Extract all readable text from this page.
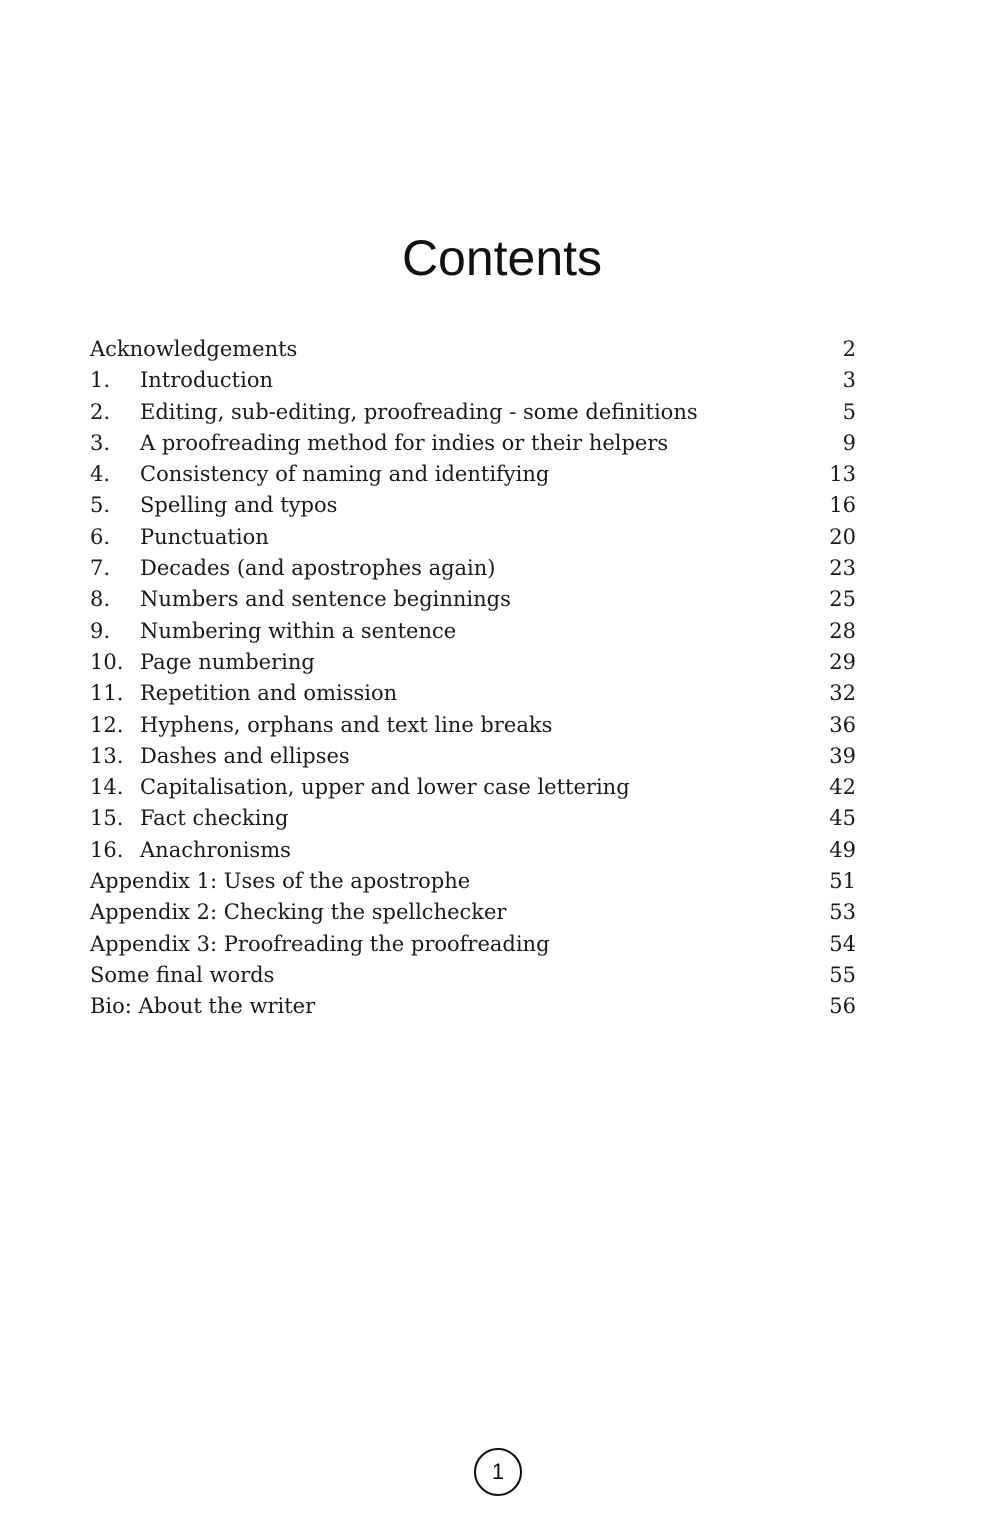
Contents
Acknowledgements	2
1. Introduction	3
2. Editing, sub-editing, proofreading - some definitions	5
3. A proofreading method for indies or their helpers	9
4. Consistency of naming and identifying	13
5. Spelling and typos	16
6. Punctuation	20
7. Decades (and apostrophes again)	23
8. Numbers and sentence beginnings	25
9. Numbering within a sentence	28
10. Page numbering	29
11. Repetition and omission	32
12. Hyphens, orphans and text line breaks	36
13. Dashes and ellipses	39
14. Capitalisation, upper and lower case lettering	42
15. Fact checking	45
16. Anachronisms	49
Appendix 1: Uses of the apostrophe	51
Appendix 2: Checking the spellchecker	53
Appendix 3: Proofreading the proofreading	54
Some final words	55
Bio: About the writer	56
1
